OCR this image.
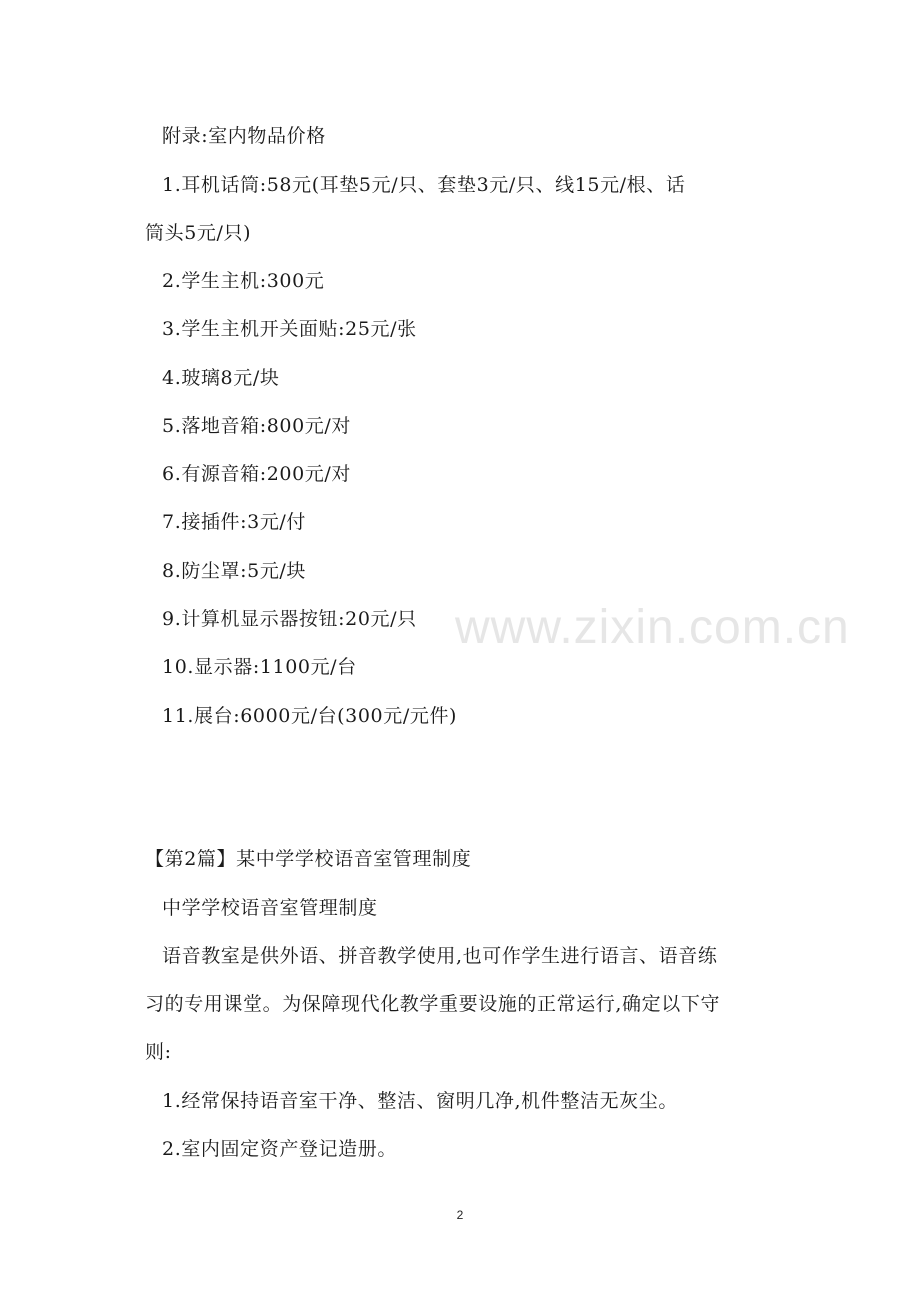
附录:室内物品价格
1.耳机话筒:58元(耳垫5元/只、套垫3元/只、线15元/根、话
筒头5元/只)
2.学生主机:300元
3.学生主机开关面贴:25元/张
4.玻璃8元/块
5.落地音箱:800元/对
6.有源音箱:200元/对
7.接插件:3元/付
8.防尘罩:5元/块
9.计算机显示器按钮:20元/只
10.显示器:1100元/台
11.展台:6000元/台(300元/元件)
【第2篇】某中学学校语音室管理制度
中学学校语音室管理制度
语音教室是供外语、拼音教学使用,也可作学生进行语言、语音练
习的专用课堂。为保障现代化教学重要设施的正常运行,确定以下守
则:
1.经常保持语音室干净、整洁、窗明几净,机件整洁无灰尘。
2.室内固定资产登记造册。
www.zixin.com.cn
2
